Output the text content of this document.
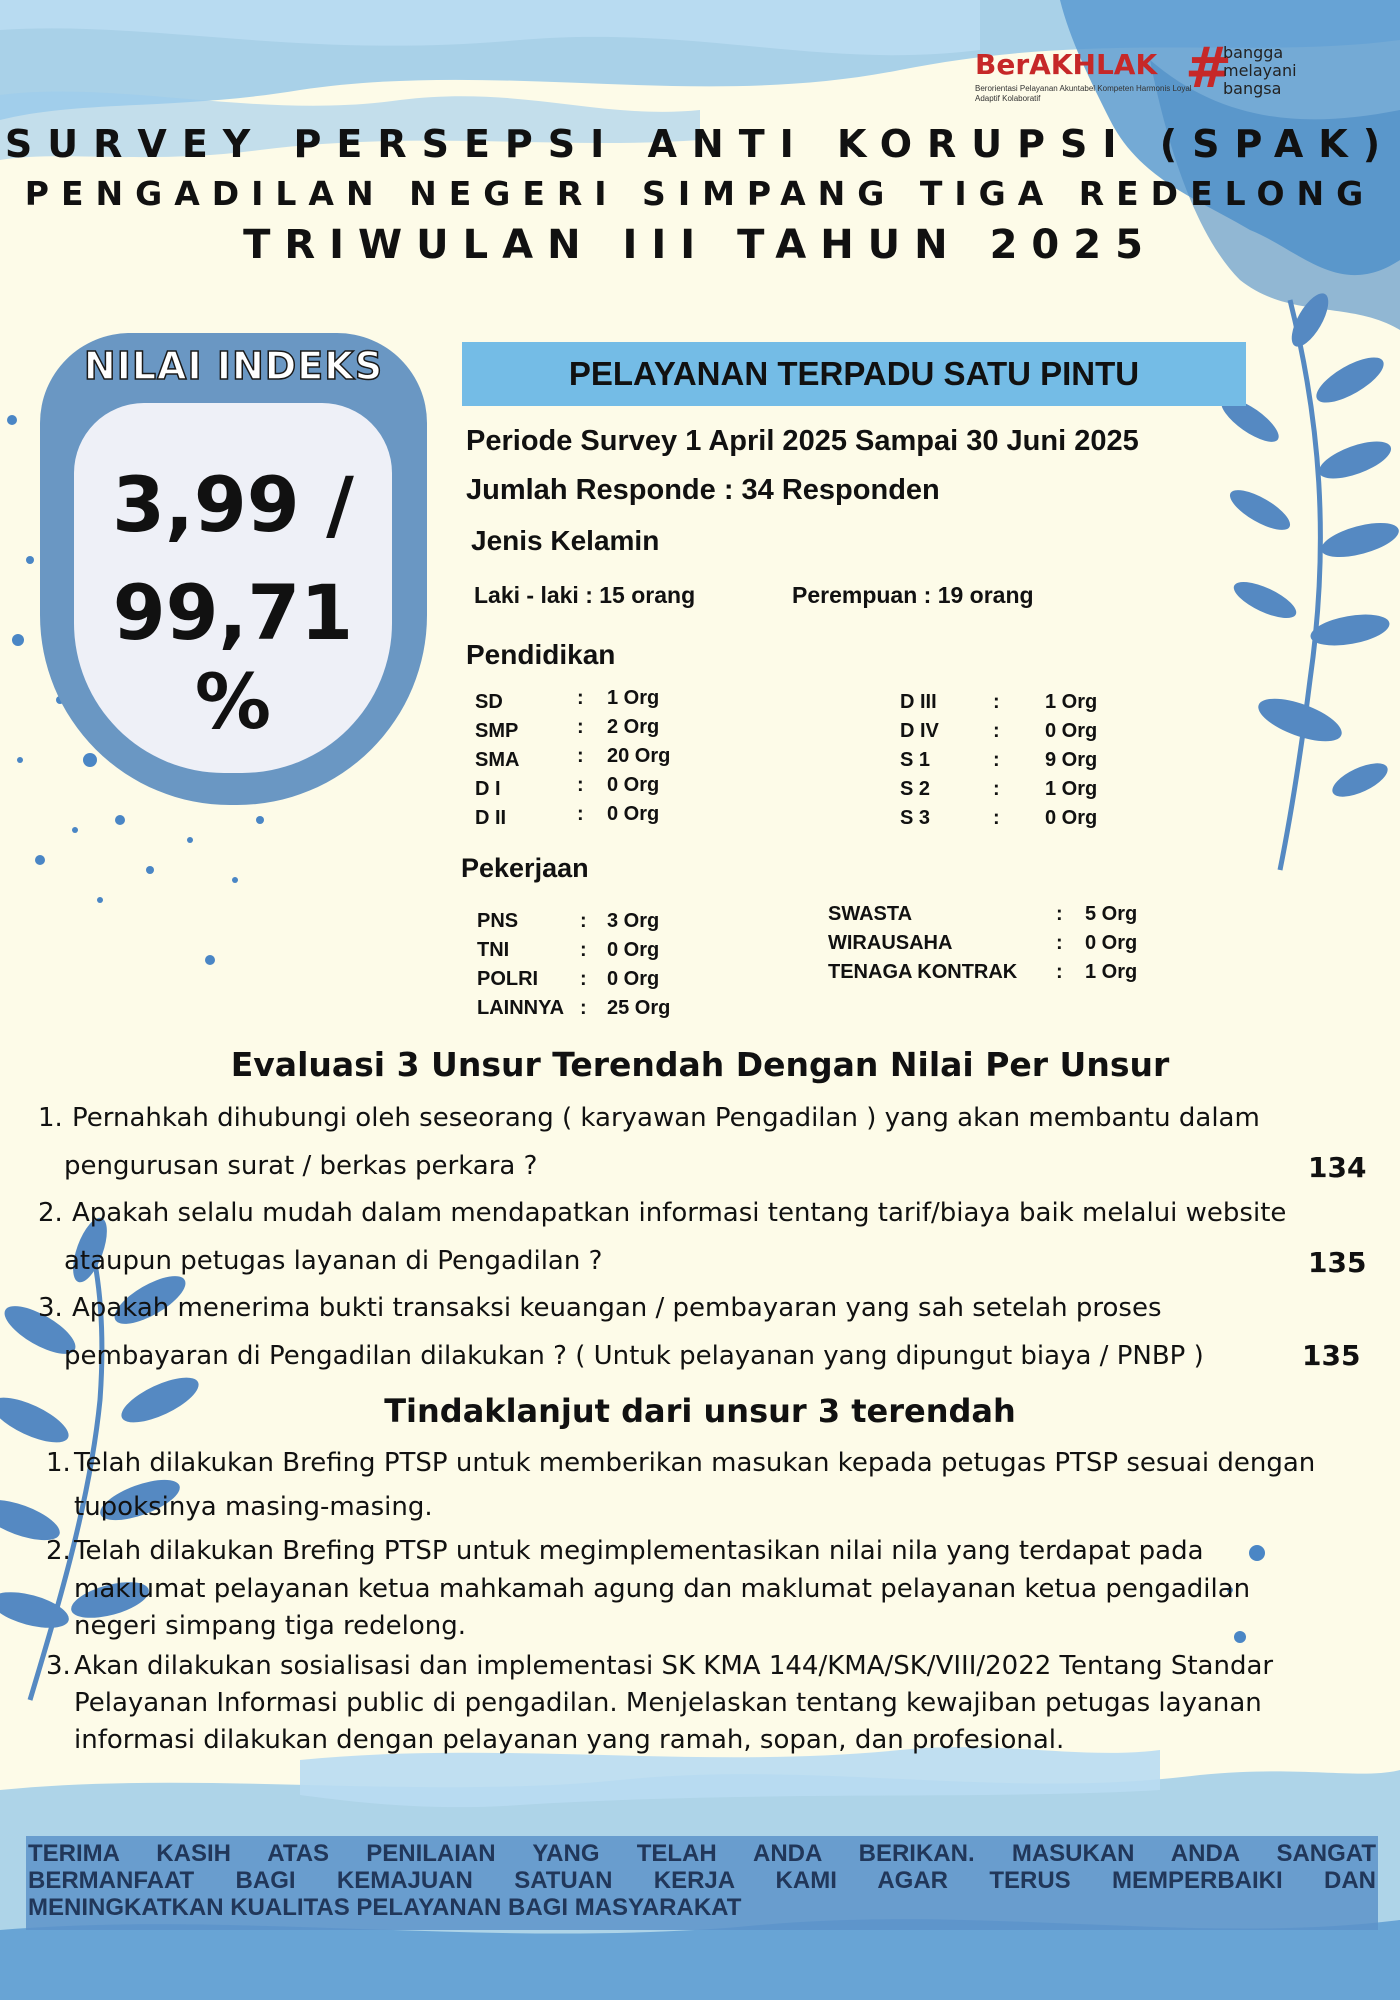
BerAKHLAK
Berorientasi Pelayanan Akuntabel Kompeten Harmonis Loyal Adaptif Kolaboratif	#
bangga
melayani
bangsa
SURVEY PERSEPSI ANTI KORUPSI (SPAK)
PENGADILAN NEGERI SIMPANG TIGA REDELONG
TRIWULAN III TAHUN 2025
NILAI INDEKS
3,99 /
99,71 %
PELAYANAN TERPADU SATU PINTU
Periode Survey 1 April 2025 Sampai 30 Juni 2025
Jumlah Responde : 34 Responden
Jenis Kelamin
Laki - laki : 15 orang	Perempuan : 19 orang
Pendidikan
SD	: 1 Org
SMP	: 2 Org
SMA	: 20 Org
D I	: 0 Org
D II	: 0 Org
D III	: 1 Org
D IV	: 0 Org
S 1	: 9 Org
S 2	: 1 Org
S 3	: 0 Org
Pekerjaan
PNS	: 3 Org
TNI	: 0 Org
POLRI : 0 Org
LAINNYA : 25 Org
SWASTA	: 5 Org
WIRAUSAHA	: 0 Org
TENAGA KONTRAK : 1 Org
Evaluasi 3 Unsur Terendah Dengan Nilai Per Unsur
1. Pernahkah dihubungi oleh seseorang ( karyawan Pengadilan ) yang akan membantu dalam
pengurusan surat / berkas perkara ?	134
2. Apakah selalu mudah dalam mendapatkan informasi tentang tarif/biaya baik melalui website
ataupun petugas layanan di Pengadilan ?	135
3. Apakah menerima bukti transaksi keuangan / pembayaran yang sah setelah proses
pembayaran di Pengadilan dilakukan ? ( Untuk pelayanan yang dipungut biaya / PNBP )	135
Tindaklanjut dari unsur 3 terendah
1. Telah dilakukan Brefing PTSP untuk memberikan masukan kepada petugas PTSP sesuai dengan
tupoksinya masing-masing.
2. Telah dilakukan Brefing PTSP untuk megimplementasikan nilai nila yang terdapat pada
maklumat pelayanan ketua mahkamah agung dan maklumat pelayanan ketua pengadilan
negeri simpang tiga redelong.
3. Akan dilakukan sosialisasi dan implementasi SK KMA 144/KMA/SK/VIII/2022 Tentang Standar
Pelayanan Informasi public di pengadilan. Menjelaskan tentang kewajiban petugas layanan
informasi dilakukan dengan pelayanan yang ramah, sopan, dan profesional.
TERIMA KASIH ATAS PENILAIAN YANG TELAH ANDA BERIKAN. MASUKAN ANDA SANGAT
BERMANFAAT BAGI KEMAJUAN SATUAN KERJA KAMI AGAR TERUS MEMPERBAIKI DAN
MENINGKATKAN KUALITAS PELAYANAN BAGI MASYARAKAT
